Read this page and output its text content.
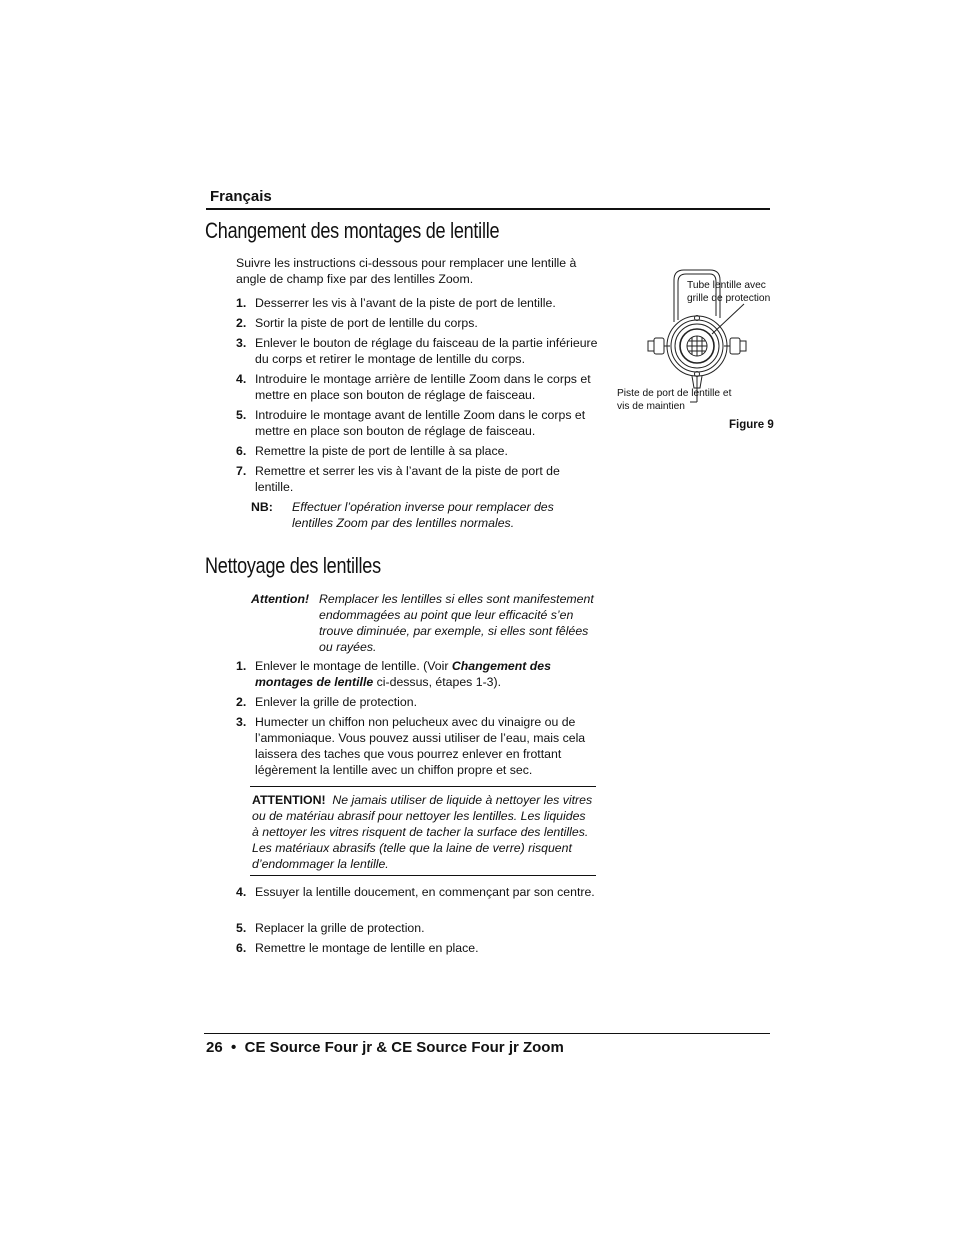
Français
Changement des montages de lentille
Suivre les instructions ci-dessous pour remplacer une lentille à angle de champ fixe par des lentilles Zoom.
1. Desserrer les vis à l’avant de la piste de port de lentille.
2. Sortir la piste de port de lentille du corps.
3. Enlever le bouton de réglage du faisceau de la partie inférieure du corps et retirer le montage de lentille du corps.
4. Introduire le montage arrière de lentille Zoom dans le corps et mettre en place son bouton de réglage de faisceau.
5. Introduire le montage avant de lentille Zoom dans le corps et mettre en place son bouton de réglage de faisceau.
6. Remettre la piste de port de lentille à sa place.
7. Remettre et serrer les vis à l’avant de la piste de port de lentille.
NB: Effectuer l’opération inverse pour remplacer des lentilles Zoom par des lentilles normales.
Tube lentille avec grille de protection
Piste de port de lentille et vis de maintien
Figure 9
Nettoyage des lentilles
Attention! Remplacer les lentilles si elles sont manifestement endommagées au point que leur efficacité s’en trouve diminuée, par exemple, si elles sont fêlées ou rayées.
1. Enlever le montage de lentille. (Voir Changement des montages de lentille ci-dessus, étapes 1-3).
2. Enlever la grille de protection.
3. Humecter un chiffon non pelucheux avec du vinaigre ou de l’ammoniaque. Vous pouvez aussi utiliser de l’eau, mais cela laissera des taches que vous pourrez enlever en frottant légèrement la lentille avec un chiffon propre et sec.
ATTENTION! Ne jamais utiliser de liquide à nettoyer les vitres ou de matériau abrasif pour nettoyer les lentilles. Les liquides à nettoyer les vitres risquent de tacher la surface des lentilles. Les matériaux abrasifs (telle que la laine de verre) risquent d’endommager la lentille.
4. Essuyer la lentille doucement, en commençant par son centre.
5. Replacer la grille de protection.
6. Remettre le montage de lentille en place.
26  •  CE Source Four jr & CE Source Four jr Zoom
